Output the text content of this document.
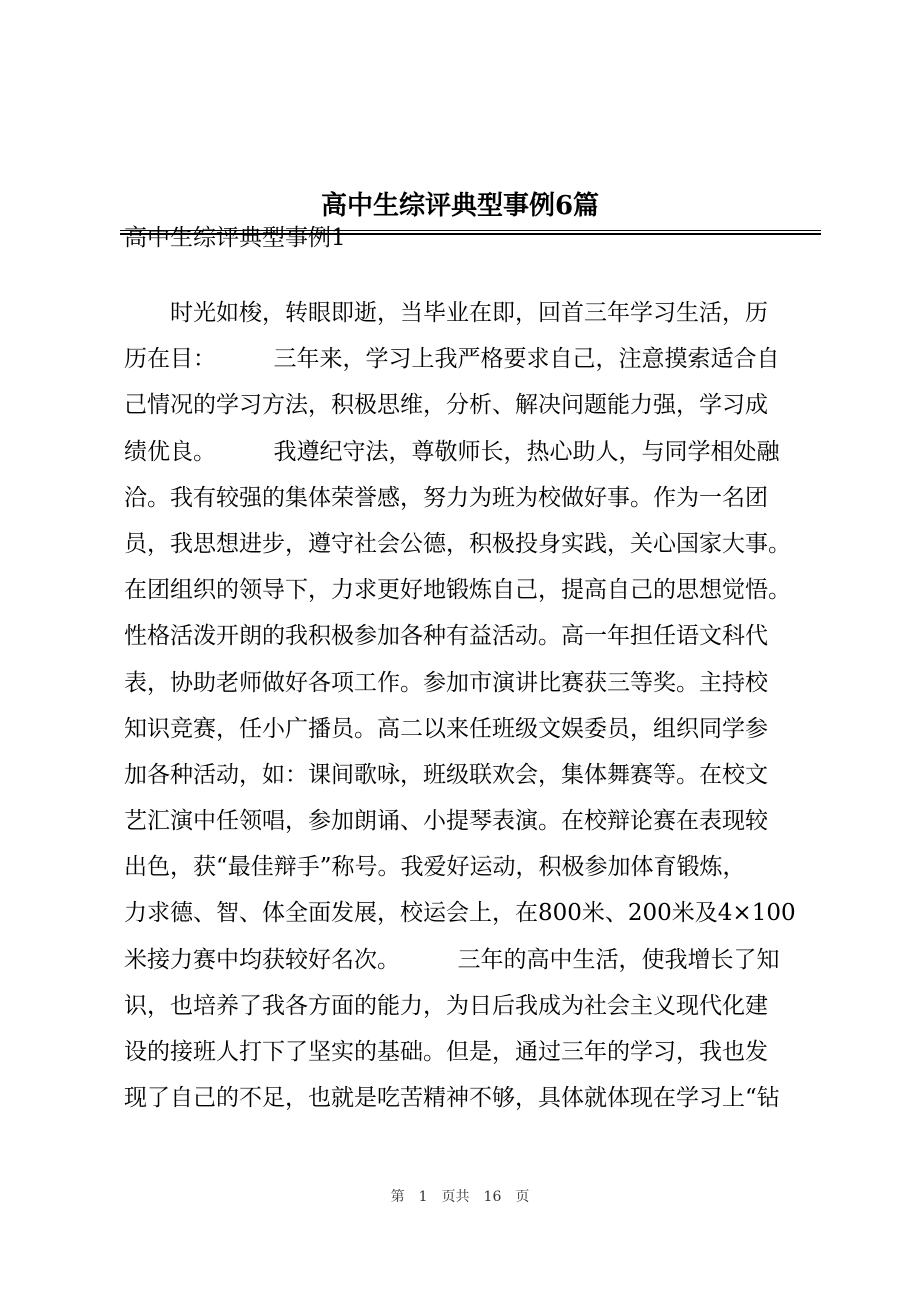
高中生综评典型事例6篇
高中生综评典型事例1
　　时光如梭，转眼即逝，当毕业在即，回首三年学习生活，历
历在目：　　　三年来，学习上我严格要求自己，注意摸索适合自
己情况的学习方法，积极思维，分析、解决问题能力强，学习成
绩优良。　　　我遵纪守法，尊敬师长，热心助人，与同学相处融
洽。我有较强的集体荣誉感，努力为班为校做好事。作为一名团
员，我思想进步，遵守社会公德，积极投身实践，关心国家大事。
在团组织的领导下，力求更好地锻炼自己，提高自己的思想觉悟。
性格活泼开朗的我积极参加各种有益活动。高一年担任语文科代
表，协助老师做好各项工作。参加市演讲比赛获三等奖。主持校
知识竞赛，任小广播员。高二以来任班级文娱委员，组织同学参
加各种活动，如：课间歌咏，班级联欢会，集体舞赛等。在校文
艺汇演中任领唱，参加朗诵、小提琴表演。在校辩论赛在表现较
出色，获“最佳辩手”称号。我爱好运动，积极参加体育锻炼，
力求德、智、体全面发展，校运会上，在800米、200米及4×100
米接力赛中均获较好名次。　　　三年的高中生活，使我增长了知
识，也培养了我各方面的能力，为日后我成为社会主义现代化建
设的接班人打下了坚实的基础。但是，通过三年的学习，我也发
现了自己的不足，也就是吃苦精神不够，具体就体现在学习上“钻
第　1　页共　16　页
